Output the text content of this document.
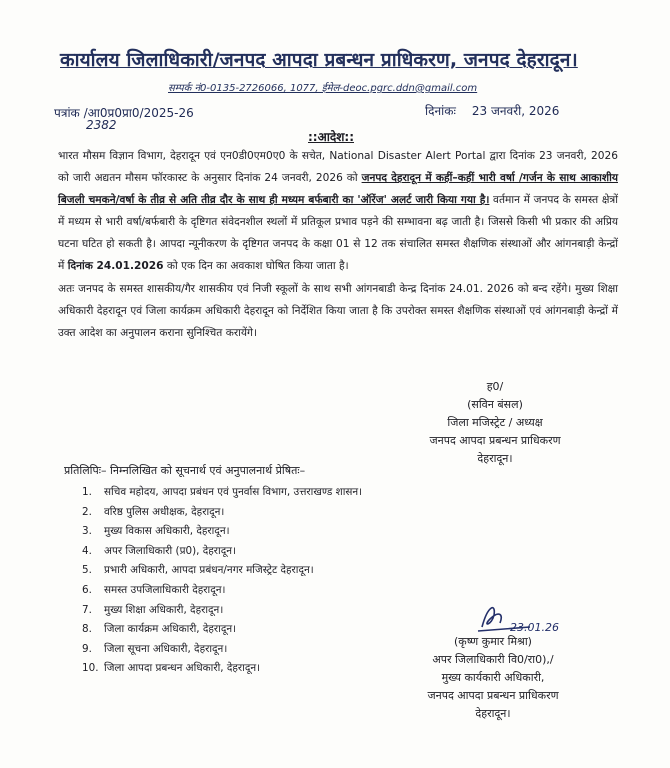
कार्यालय जिलाधिकारी/जनपद आपदा प्रबन्धन प्राधिकरण, जनपद देहरादून।
सम्पर्क नं0-0135-2726066, 1077, ईमेल-deoc.pgrc.ddn@gmail.com
पत्रांक /आ0प्र0प्रा0/2025-26
2382
दिनांकः 23 जनवरी, 2026
::आदेश::
भारत मौसम विज्ञान विभाग, देहरादून एवं एन0डी0एम0ए0 के सचेत, National Disaster Alert Portal द्वारा दिनांक 23 जनवरी, 2026 को जारी अद्यतन मौसम फॉरकास्ट के अनुसार दिनांक 24 जनवरी, 2026 को जनपद देहरादून में कहीं–कहीं भारी वर्षा /गर्जन के साथ आकाशीय बिजली चमकने/वर्षा के तीव्र से अति तीव्र दौर के साथ ही मध्यम बर्फबारी का 'ऑरेंज' अलर्ट जारी किया गया है। वर्तमान में जनपद के समस्त क्षेत्रों में मध्यम से भारी वर्षा/बर्फबारी के दृष्टिगत संवेदनशील स्थलों में प्रतिकूल प्रभाव पड़ने की सम्भावना बढ़ जाती है। जिससे किसी भी प्रकार की अप्रिय घटना घटित हो सकती है। आपदा न्यूनीकरण के दृष्टिगत जनपद के कक्षा 01 से 12 तक संचालित समस्त शैक्षणिक संस्थाओं और आंगनबाड़ी केन्द्रों में दिनांक 24.01.2026 को एक दिन का अवकाश घोषित किया जाता है।
अतः जनपद के समस्त शासकीय/गैर शासकीय एवं निजी स्कूलों के साथ सभी आंगनबाडी केन्द्र दिनांक 24.01. 2026 को बन्द रहेंगे। मुख्य शिक्षा अधिकारी देहरादून एवं जिला कार्यक्रम अधिकारी देहरादून को निर्देशित किया जाता है कि उपरोक्त समस्त शैक्षणिक संस्थाओं एवं आंगनबाड़ी केन्द्रों में उक्त आदेश का अनुपालन कराना सुनिश्चित करायेंगे।
ह0/
(सविन बंसल)
जिला मजिस्ट्रेट / अध्यक्ष
जनपद आपदा प्रबन्धन प्राधिकरण
देहरादून।
प्रतिलिपिः– निम्नलिखित को सूचनार्थ एवं अनुपालनार्थ प्रेषितः–
1. सचिव महोदय, आपदा प्रबंधन एवं पुनर्वास विभाग, उत्तराखण्ड शासन।
2. वरिष्ठ पुलिस अधीक्षक, देहरादून।
3. मुख्य विकास अधिकारी, देहरादून।
4. अपर जिलाधिकारी (प्र0), देहरादून।
5. प्रभारी अधिकारी, आपदा प्रबंधन/नगर मजिस्ट्रेट देहरादून।
6. समस्त उपजिलाधिकारी देहरादून।
7. मुख्य शिक्षा अधिकारी, देहरादून।
8. जिला कार्यक्रम अधिकारी, देहरादून।
9. जिला सूचना अधिकारी, देहरादून।
10. जिला आपदा प्रबन्धन अधिकारी, देहरादून।
23.01.26
(कृष्ण कुमार मिश्रा)
अपर जिलाधिकारी वि0/रा0),/
मुख्य कार्यकारी अधिकारी,
जनपद आपदा प्रबन्धन प्राधिकरण
देहरादून।
